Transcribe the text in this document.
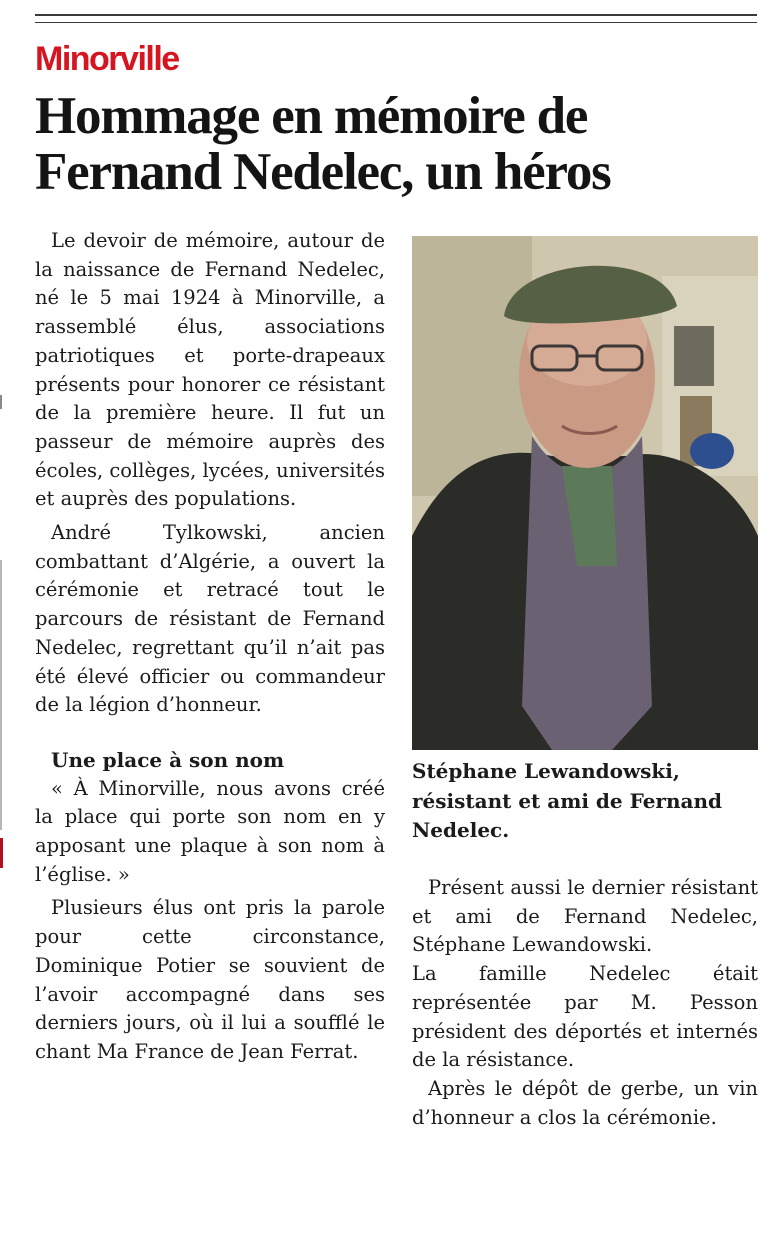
Minorville
Hommage en mémoire de Fernand Nedelec, un héros

Le devoir de mémoire, autour de la naissance de Fernand Nedelec, né le 5 mai 1924 à Minorville, a rassemblé élus, associations patriotiques et porte-drapeaux présents pour honorer ce résistant de la première heure. Il fut un passeur de mémoire auprès des écoles, collèges, lycées, universités et auprès des populations.

André Tylkowski, ancien combattant d’Algérie, a ouvert la cérémonie et retracé tout le parcours de résistant de Fernand Nedelec, regrettant qu’il n’ait pas été élevé officier ou commandeur de la légion d’honneur.

Une place à son nom

« À Minorville, nous avons créé la place qui porte son nom en y apposant une plaque à son nom à l’église. »

Plusieurs élus ont pris la parole pour cette circonstance, Dominique Potier se souvient de l’avoir accompagné dans ses derniers jours, où il lui a soufflé le chant Ma France de Jean Ferrat.

Stéphane Lewandowski, résistant et ami de Fernand Nedelec.

Présent aussi le dernier résistant et ami de Fernand Nedelec, Stéphane Lewandowski.

La famille Nedelec était représentée par M. Pesson président des déportés et internés de la résistance.

Après le dépôt de gerbe, un vin d’honneur a clos la cérémonie.
